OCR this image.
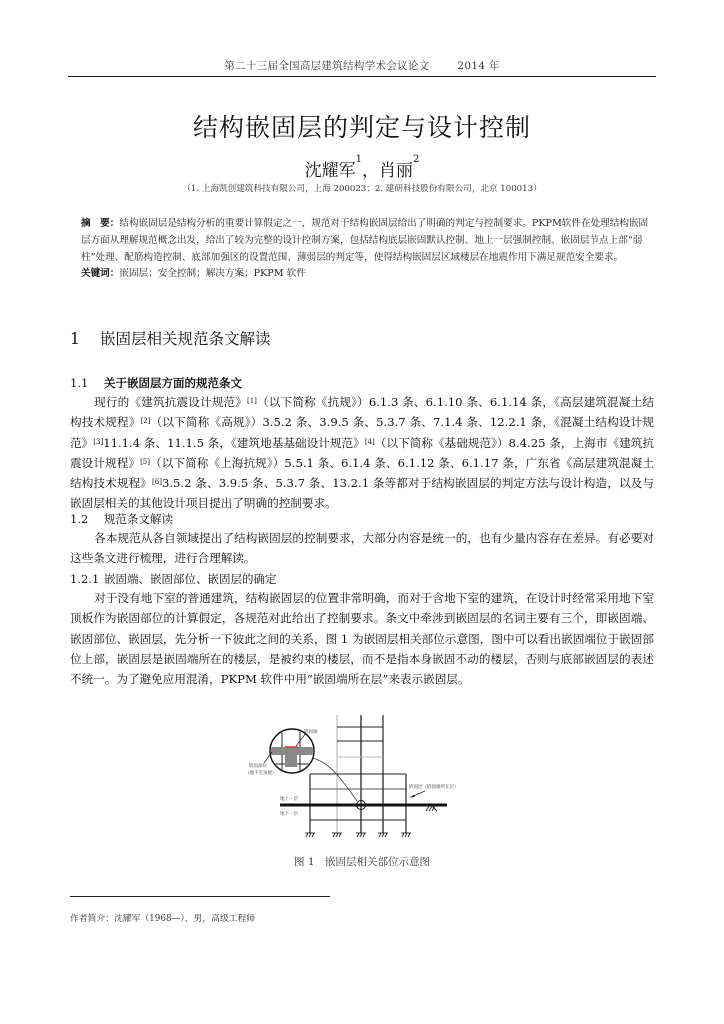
第二十三届全国高层建筑结构学术会议论文	2014 年
结构嵌固层的判定与设计控制
沈耀军$^1$，肖丽$^2$
（1. 上海凯创建筑科技有限公司，上海 200023；2. 建研科技股份有限公司，北京 100013）
摘　要：结构嵌固层是结构分析的重要计算假定之一，规范对于结构嵌固层给出了明确的判定与控制要求。PKPM软件在处理结构嵌固层方面从理解规范概念出发，给出了较为完整的设计控制方案，包括结构底层嵌固默认控制、地上一层强制控制、嵌固层节点上部“弱柱”处理、配筋构造控制、底部加强区的设置范围、薄弱层的判定等，使得结构嵌固层区域楼层在地震作用下满足规范安全要求。
关键词：嵌固层；安全控制；解决方案；PKPM 软件
1 嵌固层相关规范条文解读
1.1 关于嵌固层方面的规范条文
现行的《建筑抗震设计规范》[1]（以下简称《抗规》）6.1.3 条、6.1.10 条、6.1.14 条，《高层建筑混凝土结构技术规程》[2]（以下简称《高规》）3.5.2 条、3.9.5 条、5.3.7 条、7.1.4 条、12.2.1 条，《混凝土结构设计规范》[3]11.1.4 条、11.1.5 条，《建筑地基基础设计规范》[4]（以下简称《基础规范》）8.4.25 条，上海市《建筑抗震设计规程》[5]（以下简称《上海抗规》）5.5.1 条、6.1.4 条、6.1.12 条、6.1.17 条，广东省《高层建筑混凝土结构技术规程》[6]3.5.2 条、3.9.5 条、5.3.7 条、13.2.1 条等都对于结构嵌固层的判定方法与设计构造，以及与嵌固层相关的其他设计项目提出了明确的控制要求。
1.2 规范条文解读
各本规范从各自领域提出了结构嵌固层的控制要求，大部分内容是统一的，也有少量内容存在差异。有必要对这些条文进行梳理，进行合理解读。
1.2.1 嵌固端、嵌固部位、嵌固层的确定
对于没有地下室的普通建筑，结构嵌固层的位置非常明确，而对于含地下室的建筑，在设计时经常采用地下室顶板作为嵌固部位的计算假定，各规范对此给出了控制要求。条文中牵涉到嵌固层的名词主要有三个，即嵌固端、嵌固部位、嵌固层，先分析一下彼此之间的关系，图 1 为嵌固层相关部位示意图，图中可以看出嵌固端位于嵌固部位上部，嵌固层是嵌固端所在的楼层，是被约束的楼层，而不是指本身嵌固不动的楼层，否则与底部嵌固层的表述不统一。为了避免应用混淆，PKPM 软件中用“嵌固端所在层”来表示嵌固层。
嵌固端
嵌固部位
（地下室顶板）
嵌固层（嵌固端所在层）
地上一层
地下一层
图 1　嵌固层相关部位示意图
作者简介：沈耀军（1968—），男，高级工程师
